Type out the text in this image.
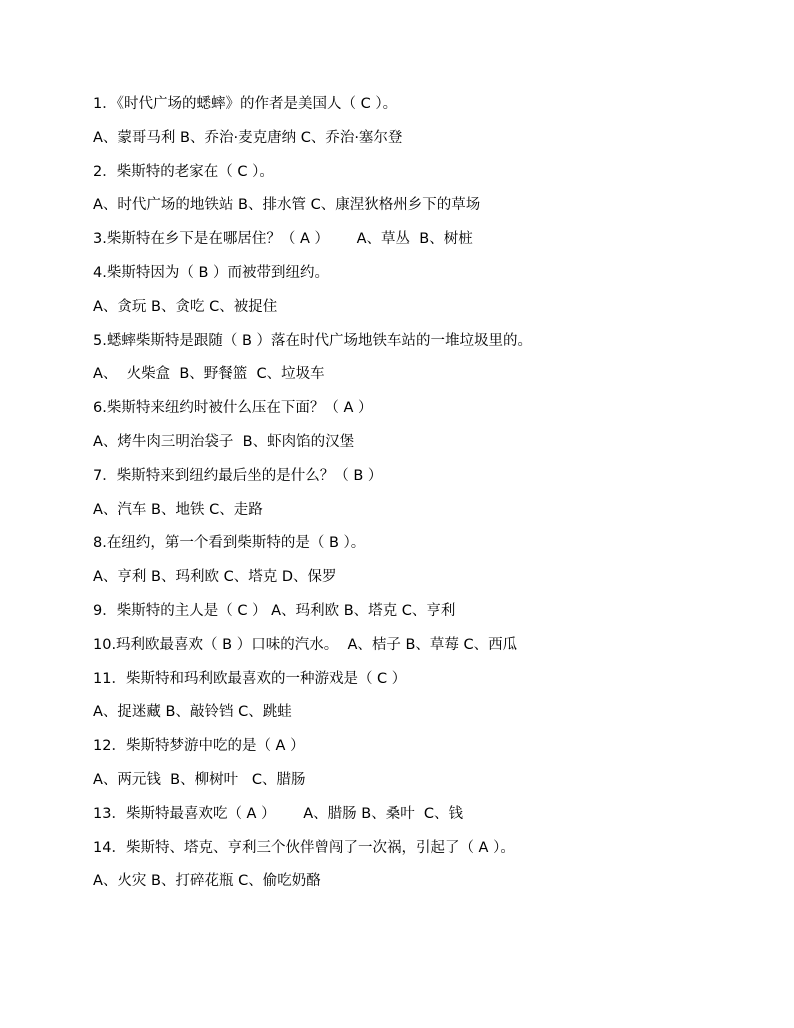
1．《时代广场的蟋蟀》的作者是美国人（ C ）。
A、蒙哥马利 B、乔治·麦克唐纳 C、乔治·塞尔登
2．柴斯特的老家在（ C ）。
A、时代广场的地铁站 B、排水管 C、康涅狄格州乡下的草场
3.柴斯特在乡下是在哪居住？（ A ）      A、草丛  B、树桩
4.柴斯特因为（ B ）而被带到纽约。
A、贪玩 B、贪吃 C、被捉住
5.蟋蟀柴斯特是跟随（ B ）落在时代广场地铁车站的一堆垃圾里的。
A、  火柴盒  B、野餐篮  C、垃圾车
6.柴斯特来纽约时被什么压在下面？（ A ）
A、烤牛肉三明治袋子  B、虾肉馅的汉堡
7．柴斯特来到纽约最后坐的是什么？（ B ）
A、汽车 B、地铁 C、走路
8.在纽约，第一个看到柴斯特的是（ B ）。
A、亨利 B、玛利欧 C、塔克 D、保罗
9．柴斯特的主人是（ C ） A、玛利欧 B、塔克 C、亨利
10.玛利欧最喜欢（ B ）口味的汽水。  A、桔子 B、草莓 C、西瓜
11．柴斯特和玛利欧最喜欢的一种游戏是（ C ）
A、捉迷藏 B、敲铃铛 C、跳蛙
12．柴斯特梦游中吃的是（ A ）
A、两元钱  B、柳树叶   C、腊肠
13．柴斯特最喜欢吃（ A ）      A、腊肠 B、桑叶  C、钱
14．柴斯特、塔克、亨利三个伙伴曾闯了一次祸，引起了（ A ）。
A、火灾 B、打碎花瓶 C、偷吃奶酪
